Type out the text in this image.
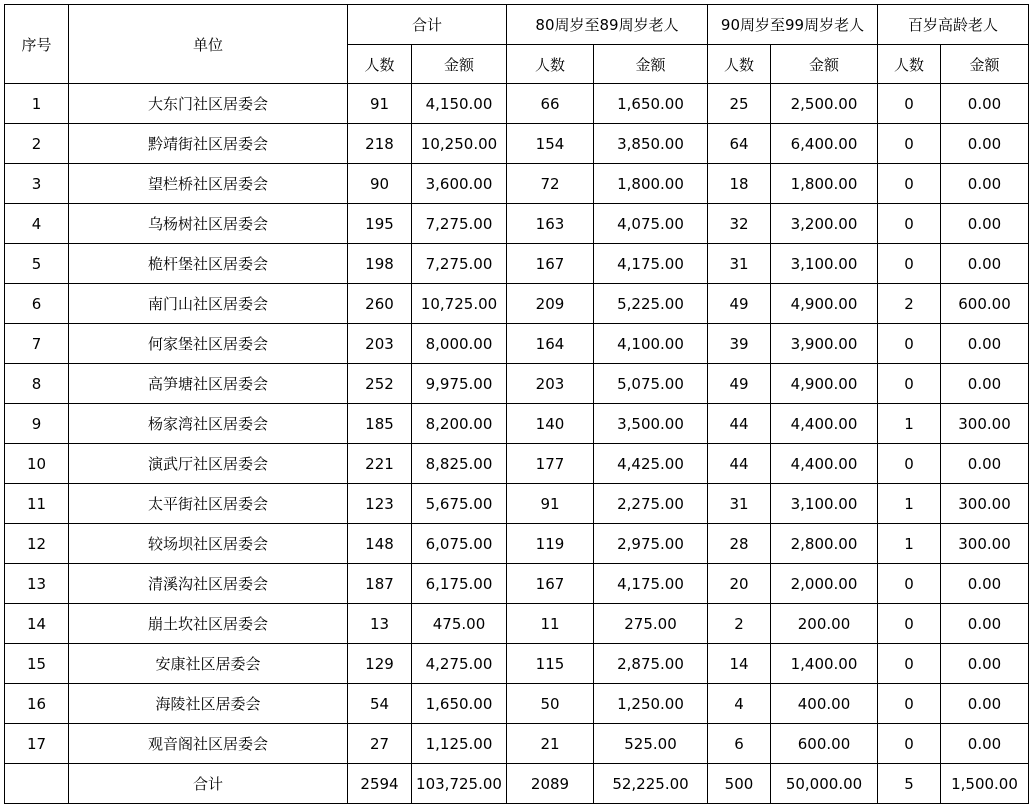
序号	单位	合计		80周岁至89周岁老人		90周岁至99周岁老人		百岁高龄老人	
		人数	金额	人数	金额	人数	金额	人数	金额
1	大东门社区居委会	91	4,150.00	66	1,650.00	25	2,500.00	0	0.00
2	黔靖街社区居委会	218	10,250.00	154	3,850.00	64	6,400.00	0	0.00
3	望栏桥社区居委会	90	3,600.00	72	1,800.00	18	1,800.00	0	0.00
4	乌杨树社区居委会	195	7,275.00	163	4,075.00	32	3,200.00	0	0.00
5	桅杆堡社区居委会	198	7,275.00	167	4,175.00	31	3,100.00	0	0.00
6	南门山社区居委会	260	10,725.00	209	5,225.00	49	4,900.00	2	600.00
7	何家堡社区居委会	203	8,000.00	164	4,100.00	39	3,900.00	0	0.00
8	高笋塘社区居委会	252	9,975.00	203	5,075.00	49	4,900.00	0	0.00
9	杨家湾社区居委会	185	8,200.00	140	3,500.00	44	4,400.00	1	300.00
10	演武厅社区居委会	221	8,825.00	177	4,425.00	44	4,400.00	0	0.00
11	太平街社区居委会	123	5,675.00	91	2,275.00	31	3,100.00	1	300.00
12	较场坝社区居委会	148	6,075.00	119	2,975.00	28	2,800.00	1	300.00
13	清溪沟社区居委会	187	6,175.00	167	4,175.00	20	2,000.00	0	0.00
14	崩土坎社区居委会	13	475.00	11	275.00	2	200.00	0	0.00
15	安康社区居委会	129	4,275.00	115	2,875.00	14	1,400.00	0	0.00
16	海陵社区居委会	54	1,650.00	50	1,250.00	4	400.00	0	0.00
17	观音阁社区居委会	27	1,125.00	21	525.00	6	600.00	0	0.00
	合计	2594	103,725.00	2089	52,225.00	500	50,000.00	5	1,500.00
